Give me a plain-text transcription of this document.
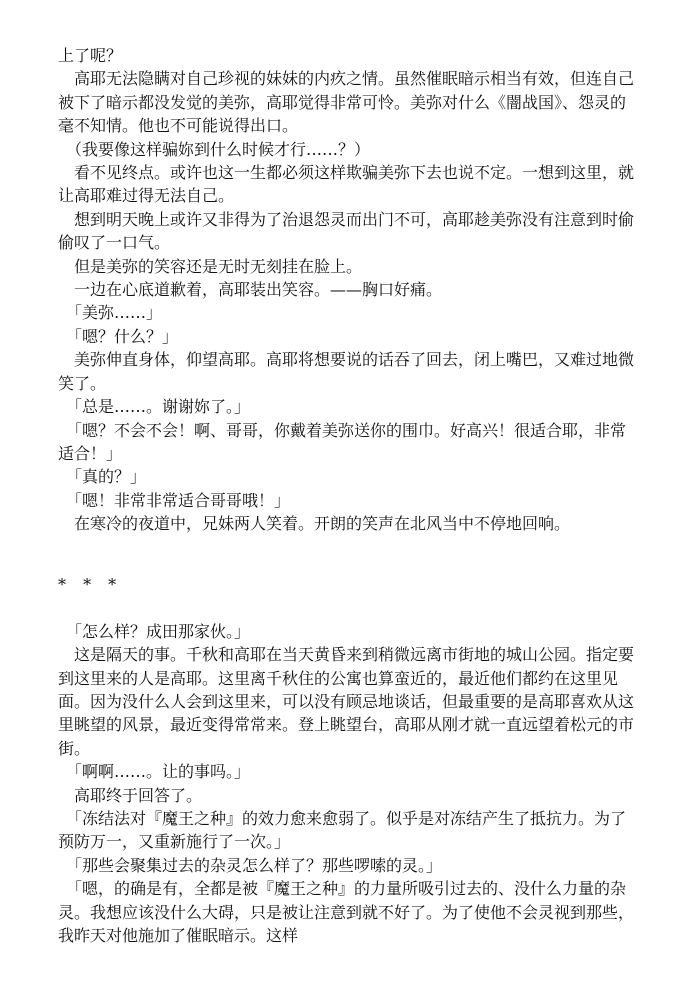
上了呢？

　高耶无法隐瞒对自己珍视的妹妹的内疚之情。虽然催眠暗示相当有效，但连自己被下了暗示都没发觉的美弥，高耶觉得非常可怜。美弥对什么《闇战国》、怨灵的毫不知情。他也不可能说得出口。

　（我要像这样骗妳到什么时候才行……？）

　看不见终点。或许也这一生都必须这样欺骗美弥下去也说不定。一想到这里，就让高耶难过得无法自己。

　想到明天晚上或许又非得为了治退怨灵而出门不可，高耶趁美弥没有注意到时偷偷叹了一口气。

　但是美弥的笑容还是无时无刻挂在脸上。

　一边在心底道歉着，高耶装出笑容。——胸口好痛。

　「美弥……」

　「嗯？什么？」

　美弥伸直身体，仰望高耶。高耶将想要说的话吞了回去，闭上嘴巴，又难过地微笑了。

　「总是……。谢谢妳了。」

　「嗯？不会不会！啊、哥哥，你戴着美弥送你的围巾。好高兴！很适合耶，非常适合！」

　「真的？」

　「嗯！非常非常适合哥哥哦！」

　在寒冷的夜道中，兄妹两人笑着。开朗的笑声在北风当中不停地回响。

* * *

　「怎么样？成田那家伙。」

　这是隔天的事。千秋和高耶在当天黄昏来到稍微远离市街地的城山公园。指定要到这里来的人是高耶。这里离千秋住的公寓也算蛮近的，最近他们都约在这里见面。因为没什么人会到这里来，可以没有顾忌地谈话，但最重要的是高耶喜欢从这里眺望的风景，最近变得常常来。登上眺望台，高耶从刚才就一直远望着松元的市街。

　「啊啊……。让的事吗。」

　高耶终于回答了。

　「冻结法对『魔王之种』的效力愈来愈弱了。似乎是对冻结产生了抵抗力。为了预防万一，又重新施行了一次。」

　「那些会聚集过去的杂灵怎么样了？那些啰嗦的灵。」

　「嗯，的确是有，全都是被『魔王之种』的力量所吸引过去的、没什么力量的杂灵。我想应该没什么大碍，只是被让注意到就不好了。为了使他不会灵视到那些，我昨天对他施加了催眠暗示。这样
